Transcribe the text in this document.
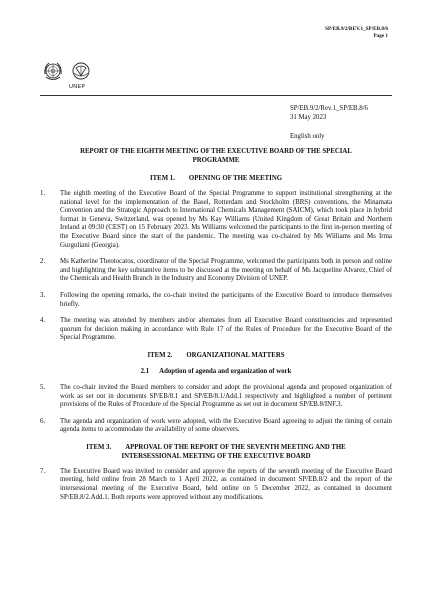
SP/EB.9/2/REV.1_SP/EB.8/6
Page 1
UNEP
SP/EB.9/2/Rev.1_SP/EB.8/6
31 May 2023
English only
REPORT OF THE EIGHTH MEETING OF THE EXECUTIVE BOARD OF THE SPECIAL PROGRAMME
ITEM 1. OPENING OF THE MEETING
1. The eighth meeting of the Executive Board of the Special Programme to support institutional strengthening at the national level for the implementation of the Basel, Rotterdam and Stockholm (BRS) conventions, the Minamata Convention and the Strategic Approach to International Chemicals Management (SAICM), which took place in hybrid format in Geneva, Switzerland, was opened by Ms Kay Williams (United Kingdom of Great Britain and Northern Ireland at 09:30 (CEST) on 15 February 2023. Ms Williams welcomed the participants to the first in-person meeting of the Executive Board since the start of the pandemic. The meeting was co-chaired by Ms Williams and Ms Irma Gurguliani (Georgia).
2. Ms Katherine Theotocatos, coordinator of the Special Programme, welcomed the participants both in person and online and highlighting the key substantive items to be discussed at the meeting on behalf of Ms Jacqueline Alvarez, Chief of the Chemicals and Health Branch in the Industry and Economy Division of UNEP.
3. Following the opening remarks, the co-chair invited the participants of the Executive Board to introduce themselves briefly.
4. The meeting was attended by members and/or alternates from all Executive Board constituencies and represented quorum for decision making in accordance with Rule 17 of the Rules of Procedure for the Executive Board of the Special Programme.
ITEM 2. ORGANIZATIONAL MATTERS
2.1 Adoption of agenda and organization of work
5. The co-chair invited the Board members to consider and adopt the provisional agenda and proposed organization of work as set out in documents SP/EB/8.1 and SP/EB/8.1/Add.1 respectively and highlighted a number of pertinent provisions of the Rules of Procedure of the Special Programme as set out in document SP/EB.8/INF.3.
6. The agenda and organization of work were adopted, with the Executive Board agreeing to adjust the timing of certain agenda items to accommodate the availability of some observers.
ITEM 3. APPROVAL OF THE REPORT OF THE SEVENTH MEETING AND THE INTERSESSIONAL MEETING OF THE EXECUTIVE BOARD
7. The Executive Board was invited to consider and approve the reports of the seventh meeting of the Executive Board meeting, held online from 28 March to 1 April 2022, as contained in document SP/EB.8/2 and the report of the intersessional meeting of the Executive Board, held online on 5 December 2022, as contained in document SP/EB.8/2.Add.1. Both reports were approved without any modifications.
